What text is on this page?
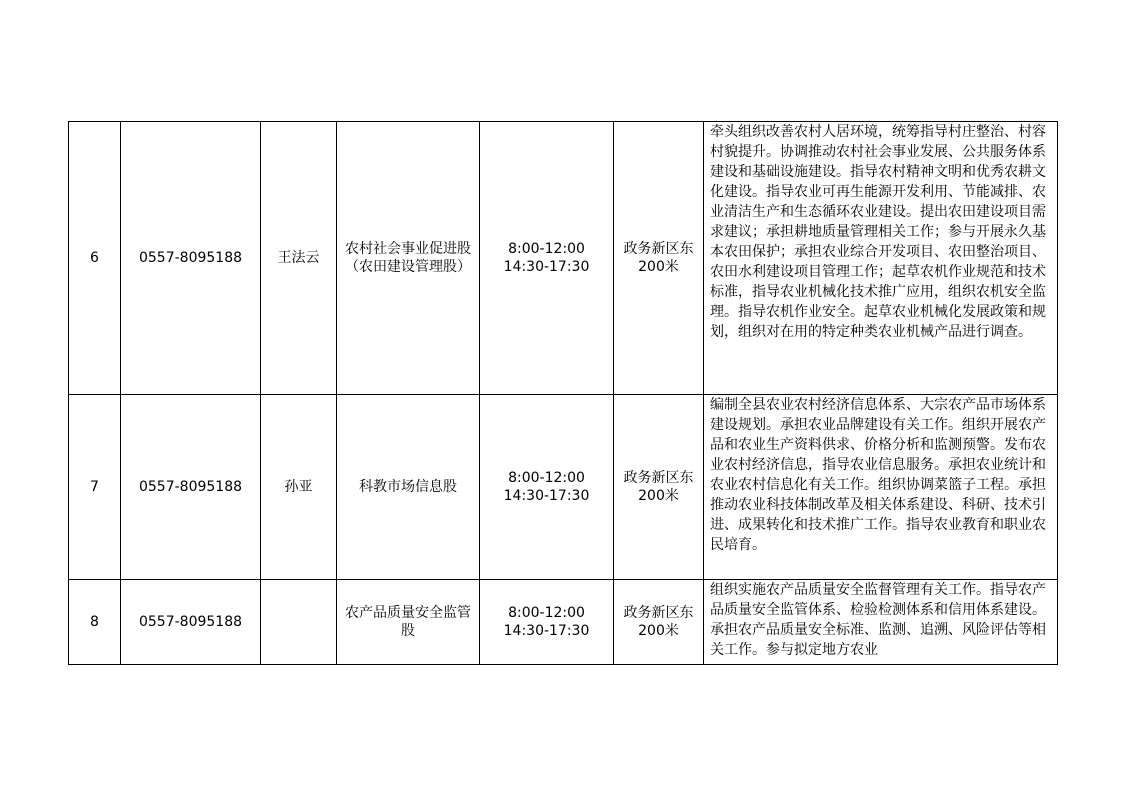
6	0557-8095188	王法云	农村社会事业促进股（农田建设管理股）	8:00-12:00
14:30-17:30	政务新区东200米	牵头组织改善农村人居环境，统筹指导村庄整治、村容村貌提升。协调推动农村社会事业发展、公共服务体系建设和基础设施建设。指导农村精神文明和优秀农耕文化建设。指导农业可再生能源开发利用、节能减排、农业清洁生产和生态循环农业建设。提出农田建设项目需求建议；承担耕地质量管理相关工作；参与开展永久基本农田保护；承担农业综合开发项目、农田整治项目、农田水利建设项目管理工作；起草农机作业规范和技术标准，指导农业机械化技术推广应用，组织农机安全监理。指导农机作业安全。起草农业机械化发展政策和规划，组织对在用的特定种类农业机械产品进行调查。

7	0557-8095188	孙亚	科教市场信息股	8:00-12:00
14:30-17:30	政务新区东200米	编制全县农业农村经济信息体系、大宗农产品市场体系建设规划。承担农业品牌建设有关工作。组织开展农产品和农业生产资料供求、价格分析和监测预警。发布农业农村经济信息，指导农业信息服务。承担农业统计和农业农村信息化有关工作。组织协调菜篮子工程。承担推动农业科技体制改革及相关体系建设、科研、技术引进、成果转化和技术推广工作。指导农业教育和职业农民培育。

8	0557-8095188		农产品质量安全监管股	8:00-12:00
14:30-17:30	政务新区东200米	组织实施农产品质量安全监督管理有关工作。指导农产品质量安全监管体系、检验检测体系和信用体系建设。承担农产品质量安全标准、监测、追溯、风险评估等相关工作。参与拟定地方农业
